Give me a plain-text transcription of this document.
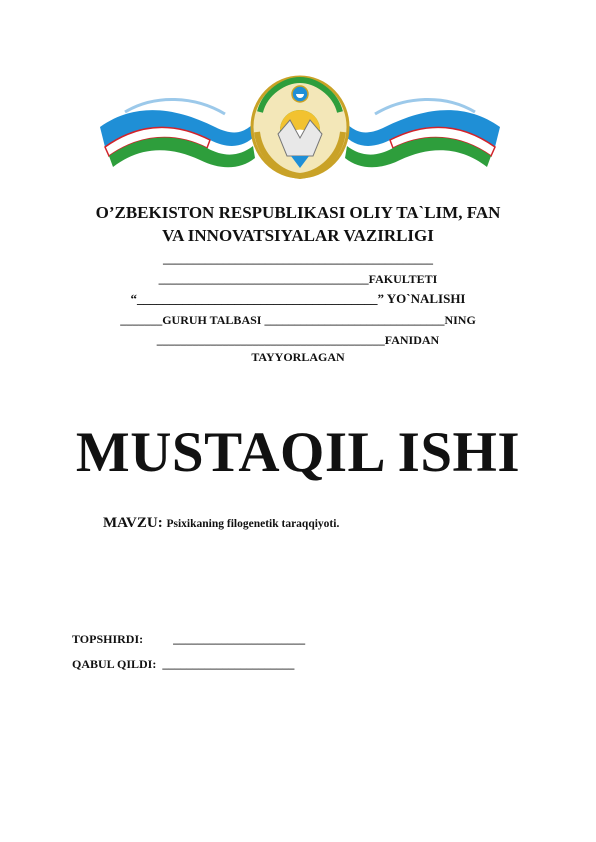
O’ZBEKISTON RESPUBLIKASI OLIY TA`LIM, FAN
VA INNOVATSIYALAR VAZIRLIGI
_____________________________________________
___________________________________FAKULTETI
“_____________________________________” YO`NALISHI
_______GURUH TALBASI ______________________________NING
______________________________________FANIDAN
TAYYORLAGAN
MUSTAQIL ISHI
MAVZU: Psixikaning filogenetik taraqqiyoti.
TOPSHIRDI:	______________________
QABUL QILDI: ______________________
